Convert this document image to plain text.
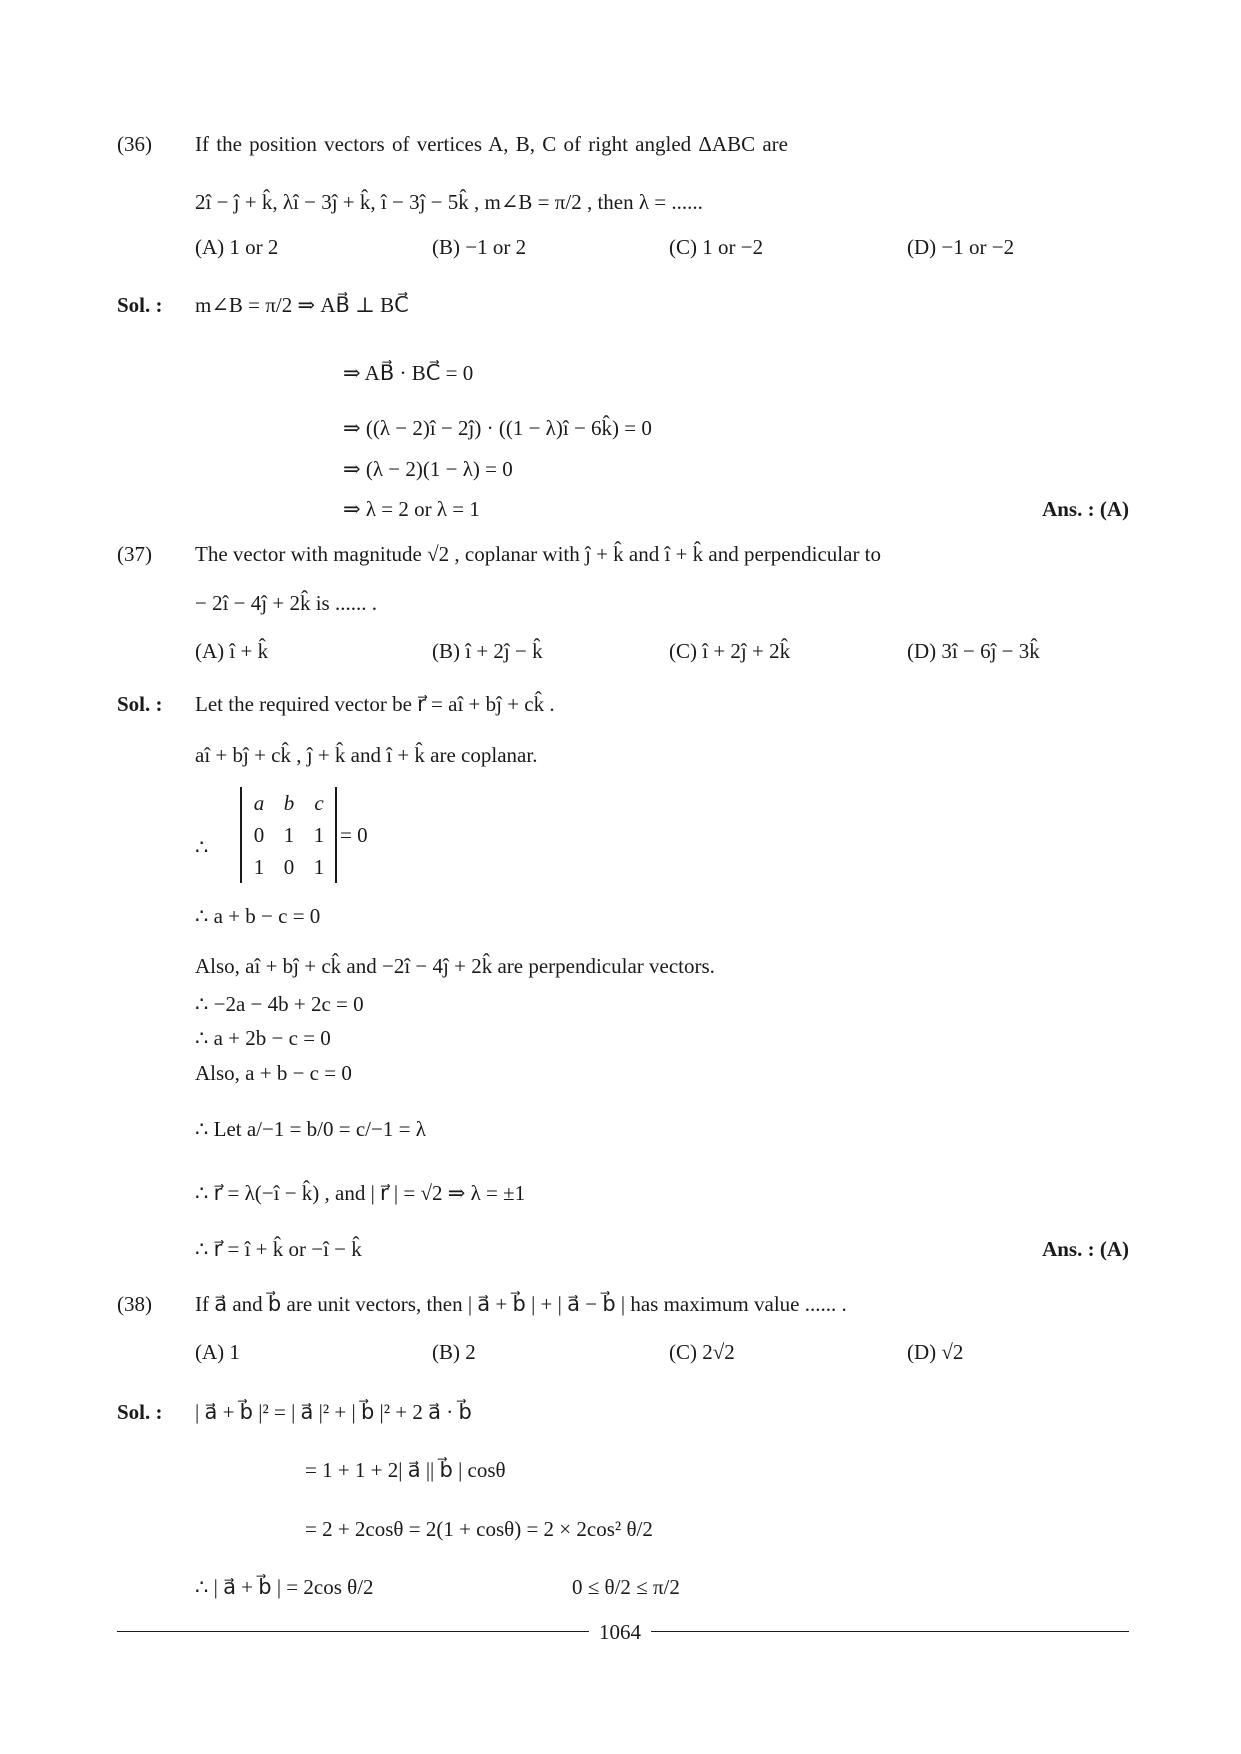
(36) If the position vectors of vertices A, B, C of right angled ΔABC are
2î − ĵ + k̂, λî − 3ĵ + k̂, î − 3ĵ − 5k̂ , m∠B = π/2 , then λ = ......
(A) 1 or 2	(B) −1 or 2	(C) 1 or −2	(D) −1 or −2
Sol. : m∠B = π/2 ⇒ AB⃗ ⊥ BC⃗
⇒ AB⃗ · BC⃗ = 0
⇒ ((λ − 2)î − 2ĵ) · ((1 − λ)î − 6k̂) = 0
⇒ (λ − 2)(1 − λ) = 0
⇒ λ = 2 or λ = 1	Ans. : (A)
(37) The vector with magnitude √2 , coplanar with ĵ + k̂ and î + k̂ and perpendicular to
− 2î − 4ĵ + 2k̂ is ...... .
(A) î + k̂	(B) î + 2ĵ − k̂	(C) î + 2ĵ + 2k̂	(D) 3î − 6ĵ − 3k̂
Sol. : Let the required vector be r⃗ = aî + bĵ + ck̂ .
aî + bĵ + ck̂ , ĵ + k̂ and î + k̂ are coplanar.
∴
a b c
0 1 1
1 0 1
= 0
∴ a + b − c = 0
Also, aî + bĵ + ck̂ and −2î − 4ĵ + 2k̂ are perpendicular vectors.
∴ −2a − 4b + 2c = 0
∴ a + 2b − c = 0
Also, a + b − c = 0
∴ Let a/−1 = b/0 = c/−1 = λ
∴ r⃗ = λ(−î − k̂) , and | r⃗ | = √2 ⇒ λ = ±1
∴ r⃗ = î + k̂ or −î − k̂	Ans. : (A)
(38) If a⃗ and b⃗ are unit vectors, then | a⃗ + b⃗ | + | a⃗ − b⃗ | has maximum value ...... .
(A) 1	(B) 2	(C) 2√2	(D) √2
Sol. : | a⃗ + b⃗ |² = | a⃗ |² + | b⃗ |² + 2 a⃗ · b⃗
= 1 + 1 + 2| a⃗ || b⃗ | cosθ
= 2 + 2cosθ = 2(1 + cosθ) = 2 × 2cos² θ/2
∴ | a⃗ + b⃗ | = 2cos θ/2	0 ≤ θ/2 ≤ π/2
1064
